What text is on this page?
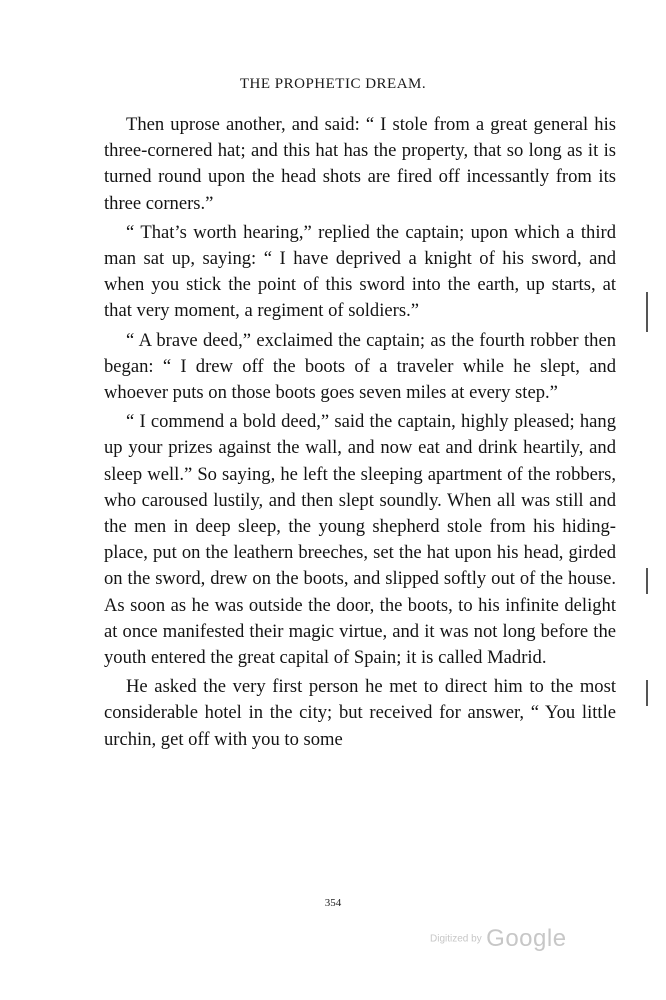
THE PROPHETIC DREAM.

Then uprose another, and said: “ I stole from a great general his three-cornered hat; and this hat has the property, that so long as it is turned round upon the head shots are fired off incessantly from its three corners.”

“ That’s worth hearing,” replied the captain; upon which a third man sat up, saying: “ I have deprived a knight of his sword, and when you stick the point of this sword into the earth, up starts, at that very moment, a regiment of soldiers.”

“ A brave deed,” exclaimed the captain; as the fourth robber then began: “ I drew off the boots of a traveler while he slept, and whoever puts on those boots goes seven miles at every step.”

“ I commend a bold deed,” said the captain, highly pleased; hang up your prizes against the wall, and now eat and drink heartily, and sleep well.” So saying, he left the sleeping apartment of the robbers, who caroused lustily, and then slept soundly. When all was still and the men in deep sleep, the young shepherd stole from his hiding-place, put on the leathern breeches, set the hat upon his head, girded on the sword, drew on the boots, and slipped softly out of the house. As soon as he was outside the door, the boots, to his infinite delight at once manifested their magic virtue, and it was not long before the youth entered the great capital of Spain; it is called Madrid.

He asked the very first person he met to direct him to the most considerable hotel in the city; but received for answer, “ You little urchin, get off with you to some

354
Digitized by Google
